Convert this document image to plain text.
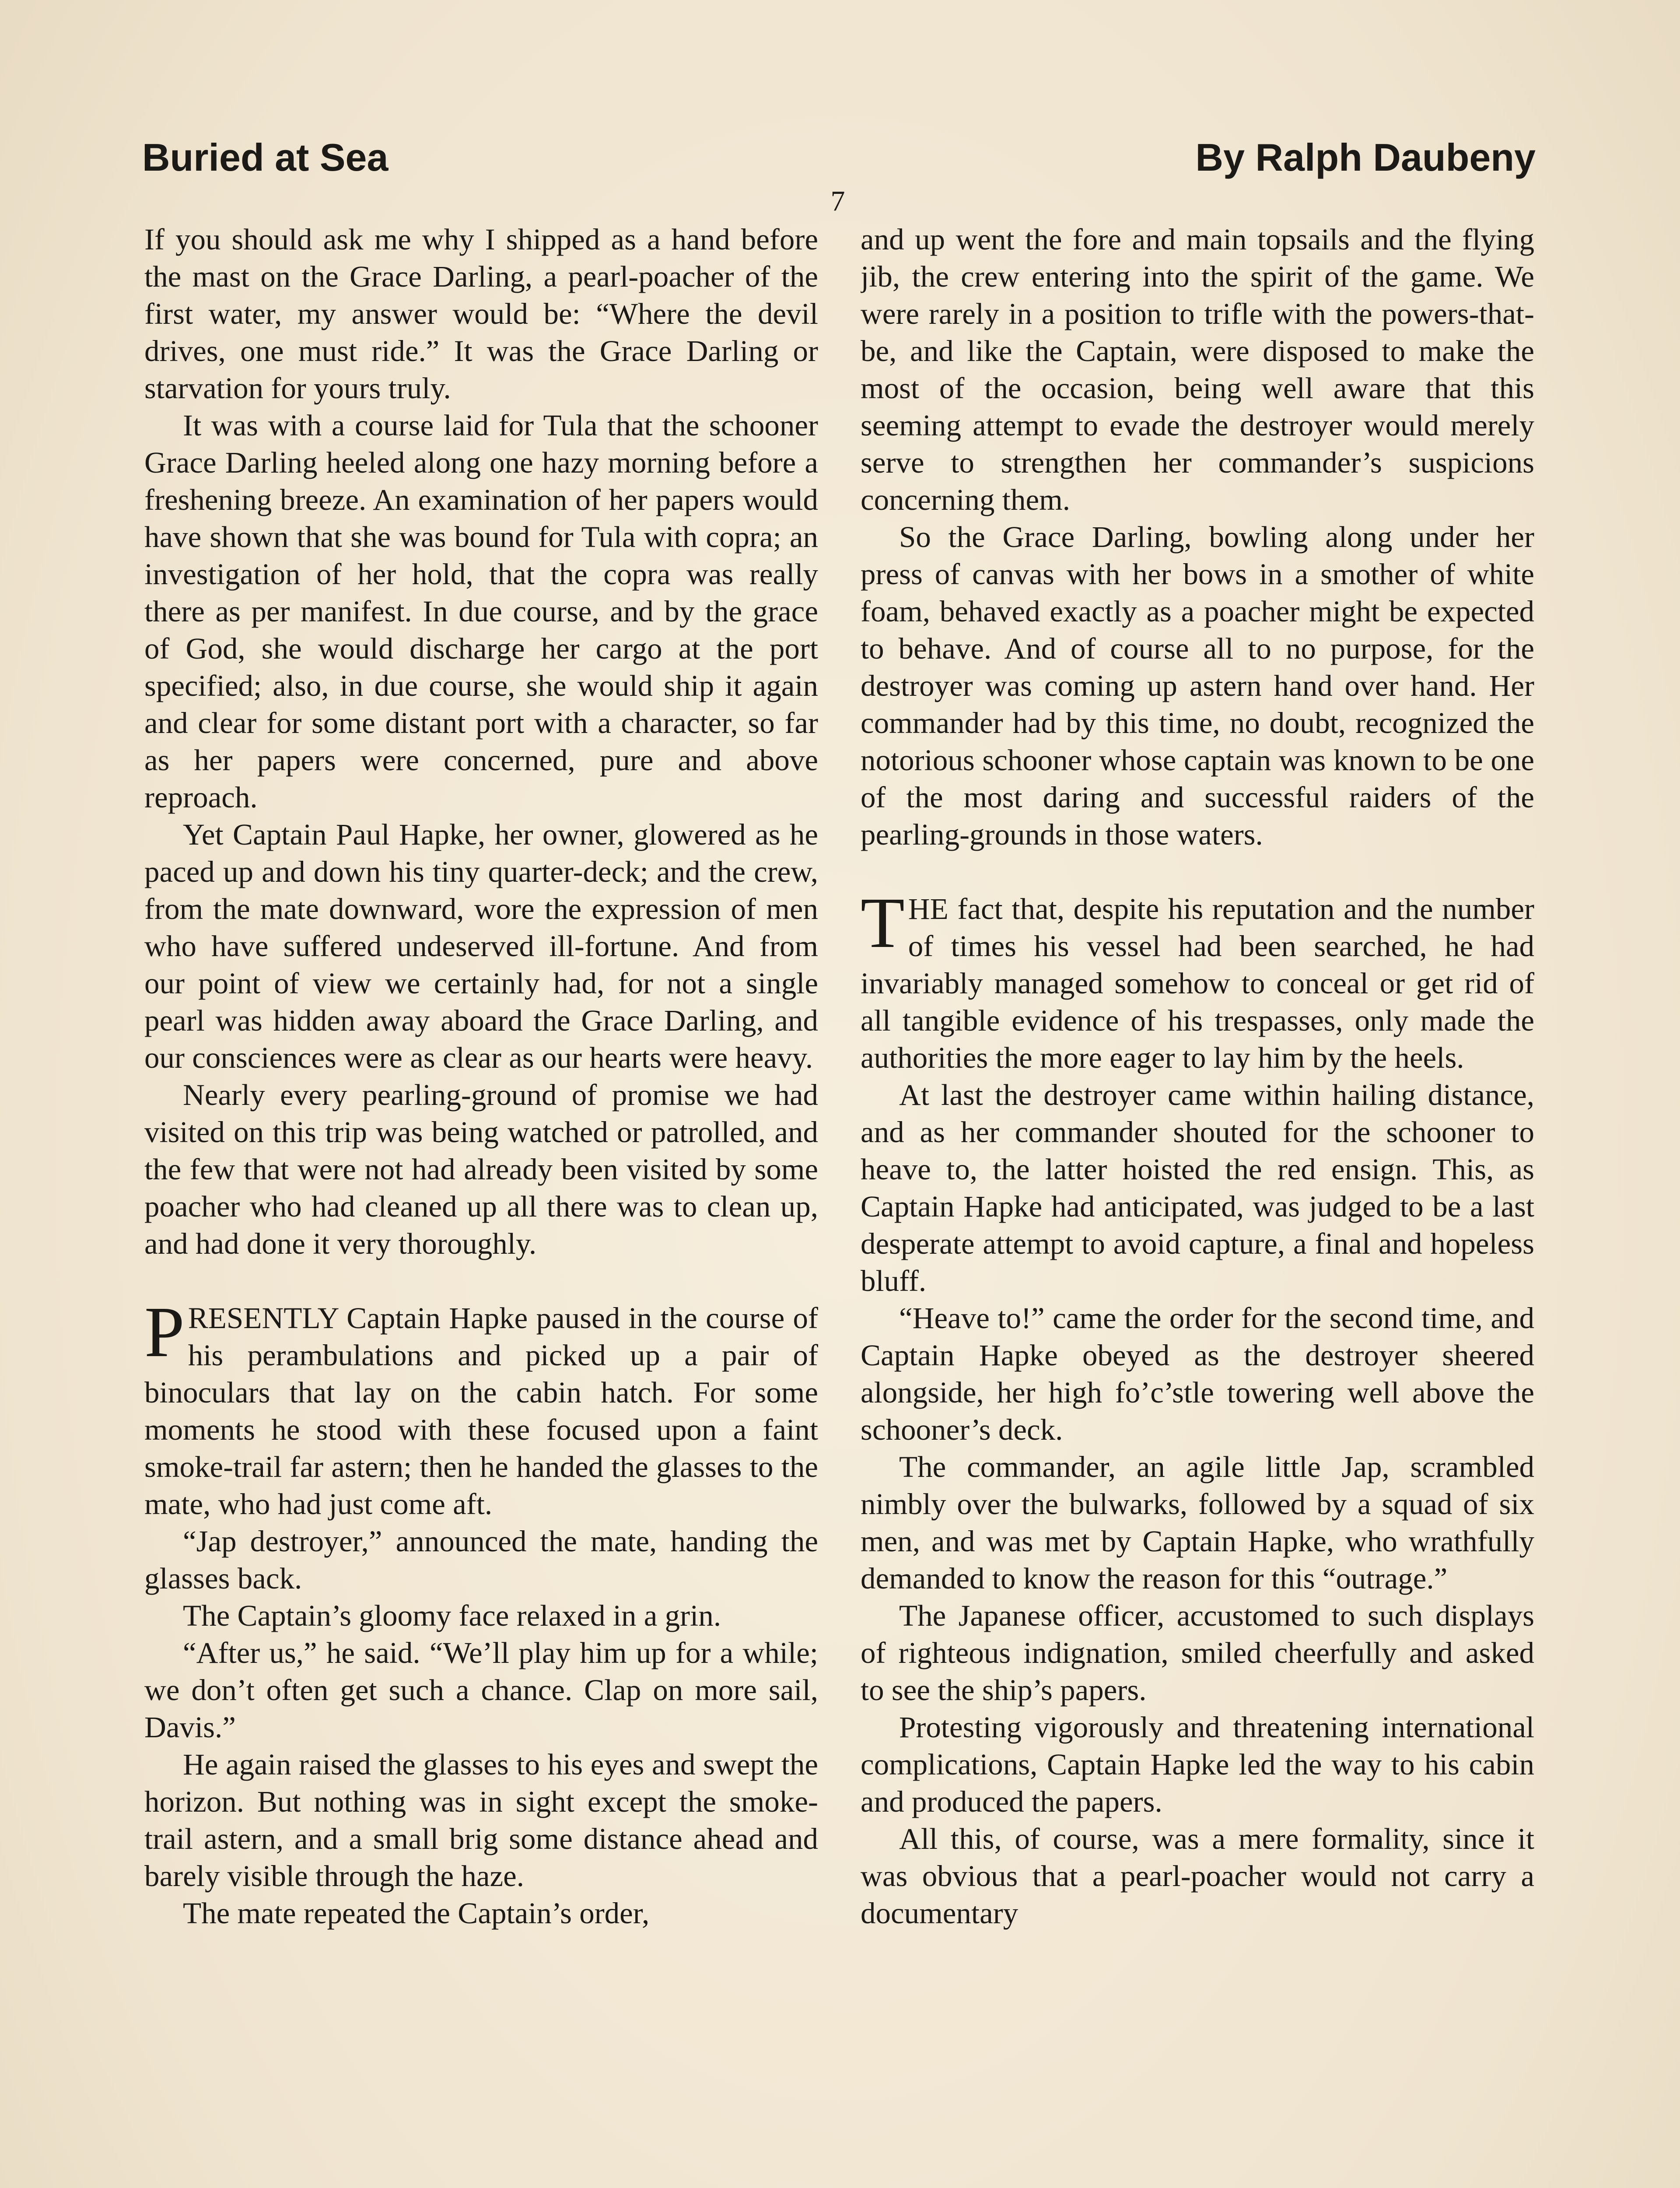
Buried at Sea	By Ralph Daubeny
7

If you should ask me why I shipped as a hand before the mast on the Grace Darling, a pearl-poacher of the first water, my answer would be: “Where the devil drives, one must ride.” It was the Grace Darling or starvation for yours truly.

It was with a course laid for Tula that the schooner Grace Darling heeled along one hazy morning before a freshening breeze. An examination of her papers would have shown that she was bound for Tula with copra; an investigation of her hold, that the copra was really there as per manifest. In due course, and by the grace of God, she would discharge her cargo at the port specified; also, in due course, she would ship it again and clear for some distant port with a character, so far as her papers were concerned, pure and above reproach.

Yet Captain Paul Hapke, her owner, glowered as he paced up and down his tiny quarter-deck; and the crew, from the mate downward, wore the expression of men who have suffered undeserved ill-fortune. And from our point of view we certainly had, for not a single pearl was hidden away aboard the Grace Darling, and our consciences were as clear as our hearts were heavy.

Nearly every pearling-ground of promise we had visited on this trip was being watched or patrolled, and the few that were not had already been visited by some poacher who had cleaned up all there was to clean up, and had done it very thoroughly.

PRESENTLY Captain Hapke paused in the course of his perambulations and picked up a pair of binoculars that lay on the cabin hatch. For some moments he stood with these focused upon a faint smoke-trail far astern; then he handed the glasses to the mate, who had just come aft.

“Jap destroyer,” announced the mate, handing the glasses back.

The Captain’s gloomy face relaxed in a grin.

“After us,” he said. “We’ll play him up for a while; we don’t often get such a chance. Clap on more sail, Davis.”

He again raised the glasses to his eyes and swept the horizon. But nothing was in sight except the smoke-trail astern, and a small brig some distance ahead and barely visible through the haze.

The mate repeated the Captain’s order,

and up went the fore and main topsails and the flying jib, the crew entering into the spirit of the game. We were rarely in a position to trifle with the powers-that-be, and like the Captain, were disposed to make the most of the occasion, being well aware that this seeming attempt to evade the destroyer would merely serve to strengthen her commander’s suspicions concerning them.

So the Grace Darling, bowling along under her press of canvas with her bows in a smother of white foam, behaved exactly as a poacher might be expected to behave. And of course all to no purpose, for the destroyer was coming up astern hand over hand. Her commander had by this time, no doubt, recognized the notorious schooner whose captain was known to be one of the most daring and successful raiders of the pearling-grounds in those waters.

THE fact that, despite his reputation and the number of times his vessel had been searched, he had invariably managed somehow to conceal or get rid of all tangible evidence of his trespasses, only made the authorities the more eager to lay him by the heels.

At last the destroyer came within hailing distance, and as her commander shouted for the schooner to heave to, the latter hoisted the red ensign. This, as Captain Hapke had anticipated, was judged to be a last desperate attempt to avoid capture, a final and hopeless bluff.

“Heave to!” came the order for the second time, and Captain Hapke obeyed as the destroyer sheered alongside, her high fo’c’stle towering well above the schooner’s deck.

The commander, an agile little Jap, scrambled nimbly over the bulwarks, followed by a squad of six men, and was met by Captain Hapke, who wrathfully demanded to know the reason for this “outrage.”

The Japanese officer, accustomed to such displays of righteous indignation, smiled cheerfully and asked to see the ship’s papers.

Protesting vigorously and threatening international complications, Captain Hapke led the way to his cabin and produced the papers.

All this, of course, was a mere formality, since it was obvious that a pearl-poacher would not carry a documentary
